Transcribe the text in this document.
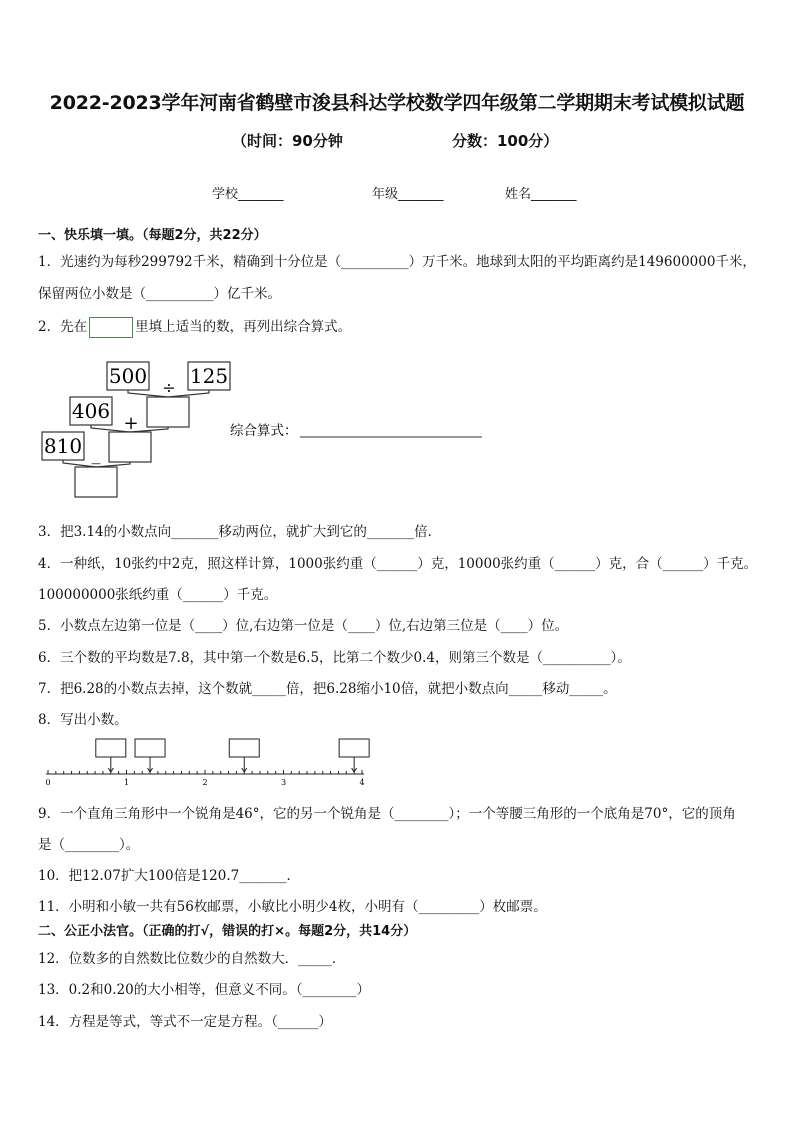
2022-2023学年河南省鹤壁市浚县科达学校数学四年级第二学期期末考试模拟试题
（时间：90分钟	分数：100分）
学校_______	年级_______	姓名_______
一、快乐填一填。（每题2分，共22分）
1．光速约为每秒299792千米，精确到十分位是（__________）万千米。地球到太阳的平均距离约是149600000千米，
保留两位小数是（__________）亿千米。
2．先在	里填上适当的数，再列出综合算式。
500 125
÷
406
+
810 _
综合算式：
3．把3.14的小数点向_______移动两位，就扩大到它的_______倍．
4．一种纸，10张约中2克，照这样计算，1000张约重（______）克，10000张约重（______）克，合（______）千克。
100000000张纸约重（______）千克。
5．小数点左边第一位是（____）位,右边第一位是（____）位,右边第三位是（____）位。
6．三个数的平均数是7.8，其中第一个数是6.5，比第二个数少0.4，则第三个数是（__________）。
7．把6.28的小数点去掉，这个数就_____倍，把6.28缩小10倍，就把小数点向_____移动_____。
8．写出小数。
0	1	2	3	4
9．一个直角三角形中一个锐角是46°，它的另一个锐角是（________）；一个等腰三角形的一个底角是70°，它的顶角
是（________）。
10．把12.07扩大100倍是120.7_______．
11．小明和小敏一共有56枚邮票，小敏比小明少4枚，小明有（_________）枚邮票。
二、公正小法官。（正确的打√，错误的打×。每题2分，共14分）
12．位数多的自然数比位数少的自然数大．_____．
13．0.2和0.20的大小相等，但意义不同。（________）
14．方程是等式，等式不一定是方程。（______）
